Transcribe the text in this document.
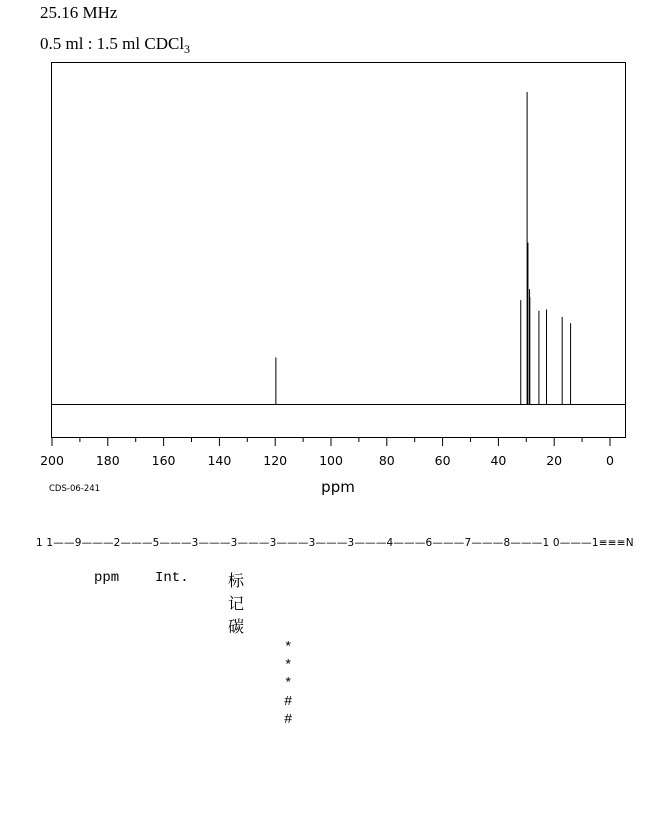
25.16 MHz
0.5 ml : 1.5 ml CDCl$_3$
200	180	160	140	120	100	80	60	40	20	0
CDS-06-241	ppm
1 1——9———2———5———3———3———3———3———3———4———6———7———8———1 0———1≡≡≡N
ppm	Int. 标记碳
*
*
*
#
#
